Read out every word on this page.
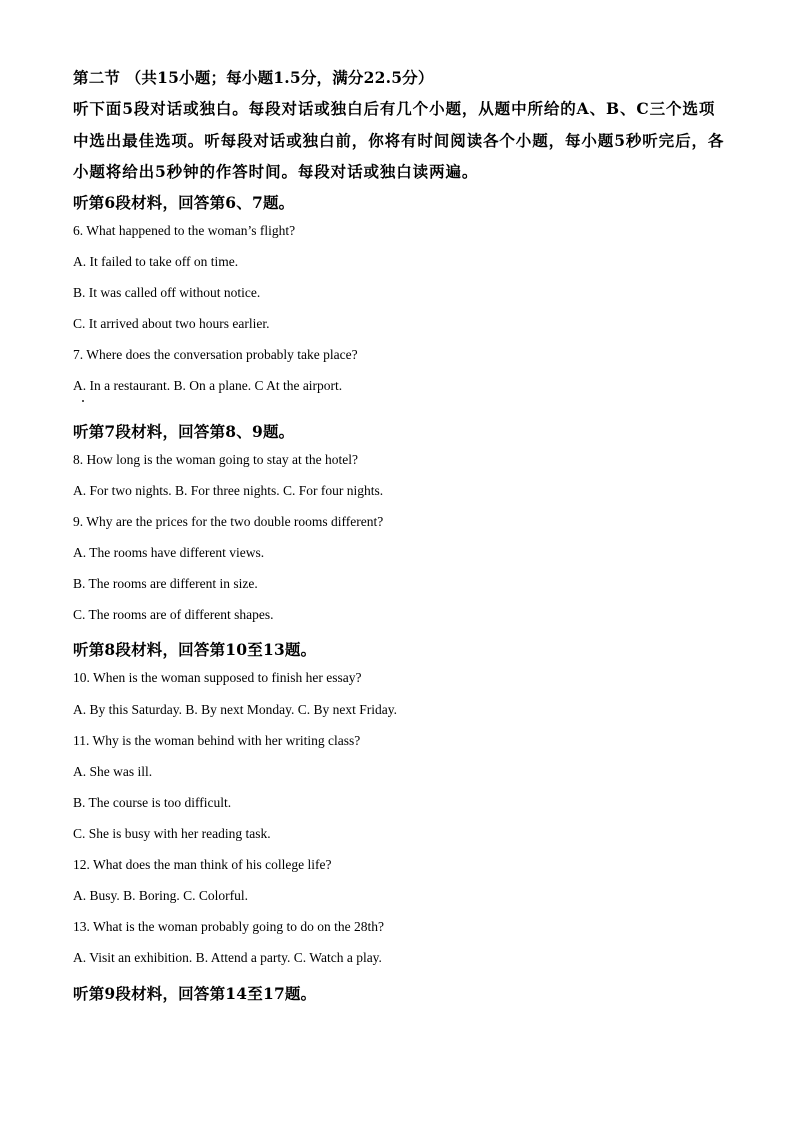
第二节 （共15小题；每小题1.5分，满分22.5分）
听下面5段对话或独白。每段对话或独白后有几个小题，从题中所给的A、B、C三个选项
中选出最佳选项。听每段对话或独白前，你将有时间阅读各个小题，每小题5秒听完后，各
小题将给出5秒钟的作答时间。每段对话或独白读两遍。
听第6段材料，回答第6、7题。
6. What happened to the woman’s flight?
A. It failed to take off on time.
B. It was called off without notice.
C. It arrived about two hours earlier.
7. Where does the conversation probably take place?
A. In a restaurant. B. On a plane. C At the airport.
听第7段材料，回答第8、9题。
8. How long is the woman going to stay at the hotel?
A. For two nights. B. For three nights. C. For four nights.
9. Why are the prices for the two double rooms different?
A. The rooms have different views.
B. The rooms are different in size.
C. The rooms are of different shapes.
听第8段材料，回答第10至13题。
10. When is the woman supposed to finish her essay?
A. By this Saturday. B. By next Monday. C. By next Friday.
11. Why is the woman behind with her writing class?
A. She was ill.
B. The course is too difficult.
C. She is busy with her reading task.
12. What does the man think of his college life?
A. Busy. B. Boring. C. Colorful.
13. What is the woman probably going to do on the 28th?
A. Visit an exhibition. B. Attend a party. C. Watch a play.
听第9段材料，回答第14至17题。
